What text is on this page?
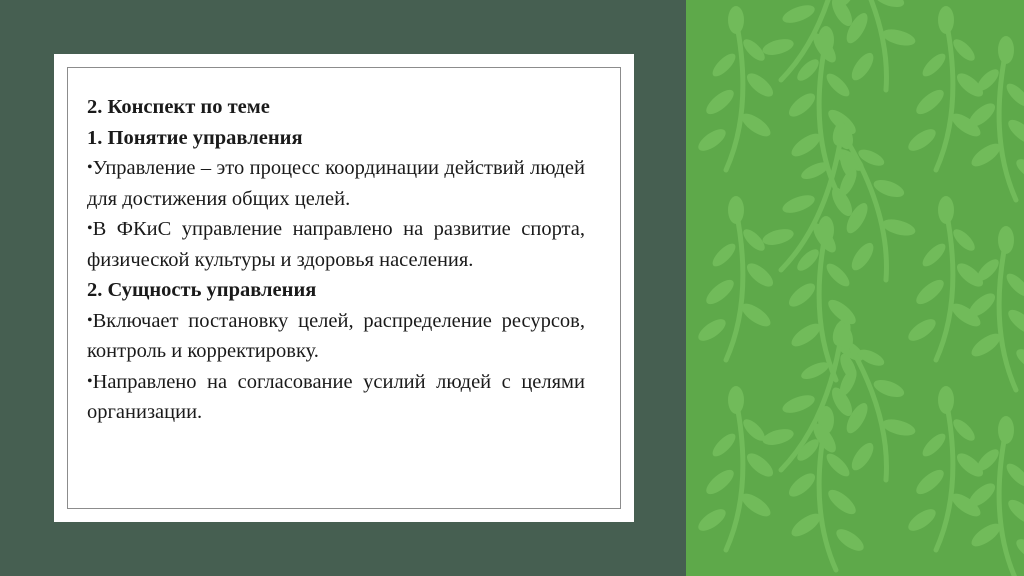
2. Конспект по теме

1. Понятие управления

•Управление – это процесс координации действий людей для достижения общих целей.

•В ФКиС управление направлено на развитие спорта, физической культуры и здоровья населения.

2. Сущность управления

•Включает постановку целей, распределение ресурсов, контроль и корректировку.

•Направлено на согласование усилий людей с целями организации.
